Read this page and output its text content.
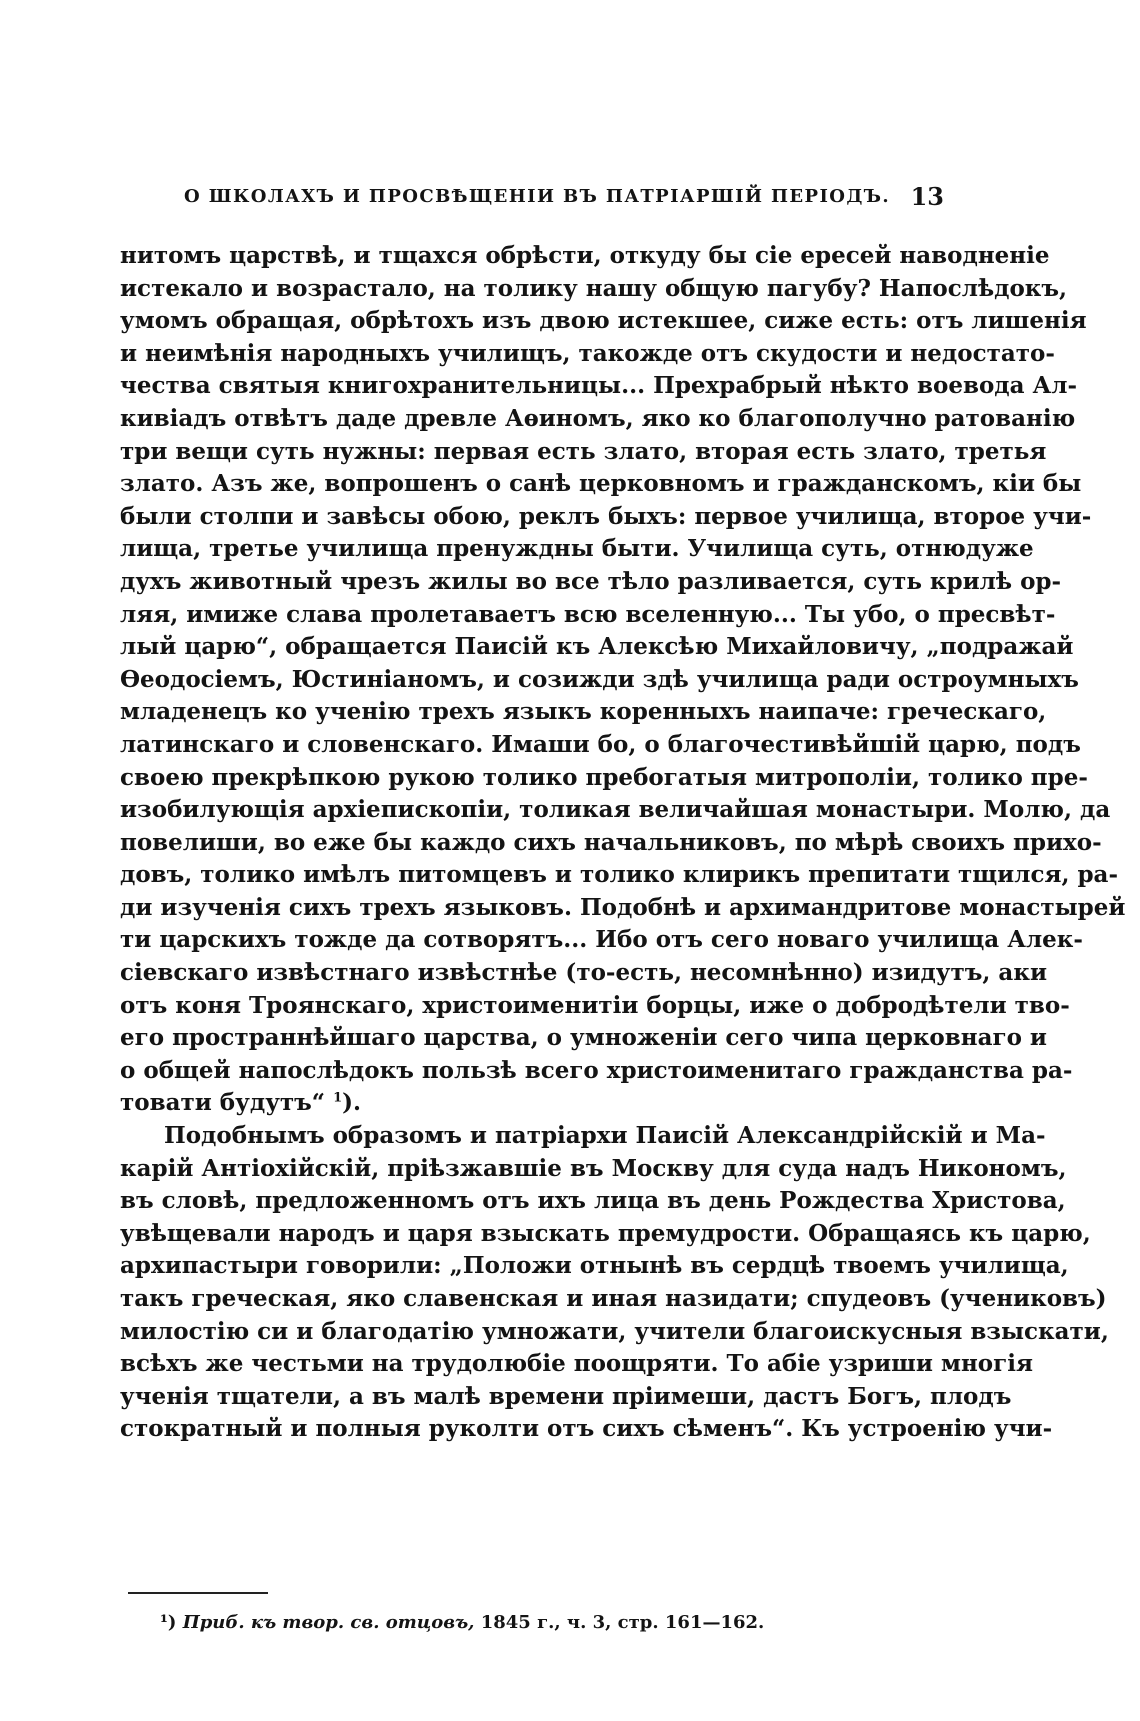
О ШКОЛАХЪ И ПРОСВѢЩЕНІИ ВЪ ПАТРІАРШІЙ ПЕРІОДЪ. 13
нитомъ царствѣ, и тщахся обрѣсти, откуду бы сіе ересей наводненіе
истекало и возрастало, на толику нашу общую пагубу? Напослѣдокъ,
умомъ обращая, обрѣтохъ изъ двою истекшее, сиже есть: отъ лишенія
и неимѣнія народныхъ училищъ, такожде отъ скудости и недостато-
чества святыя книгохранительницы... Прехрабрый нѣкто воевода Ал-
кивіадъ отвѣтъ даде древле Аѳиномъ, яко ко благополучно ратованію
три вещи суть нужны: первая есть злато, вторая есть злато, третья
злато. Азъ же, вопрошенъ о санѣ церковномъ и гражданскомъ, кіи бы
были столпи и завѣсы обою, реклъ быхъ: первое училища, второе учи-
лища, третье училища пренуждны быти. Училища суть, отнюдуже
духъ животный чрезъ жилы во все тѣло разливается, суть крилѣ ор-
ляя, имиже слава пролетаваетъ всю вселенную... Ты убо, о пресвѣт-
лый царю“, обращается Паисій къ Алексѣю Михайловичу, „подражай
Ѳеодосіемъ, Юстиніаномъ, и созижди здѣ училища ради остроумныхъ
младенецъ ко ученію трехъ языкъ коренныхъ наипаче: греческаго,
латинскаго и словенскаго. Имаши бо, о благочестивѣйшій царю, подъ
своею прекрѣпкою рукою толико пребогатыя митрополіи, толико пре-
изобилующія архіепископіи, толикая величайшая монастыри. Молю, да
повелиши, во еже бы каждо сихъ начальниковъ, по мѣрѣ своихъ прихо-
довъ, толико имѣлъ питомцевъ и толико клирикъ препитати тщился, ра-
ди изученія сихъ трехъ языковъ. Подобнѣ и архимандритове монастырей
ти царскихъ тожде да сотворятъ... Ибо отъ сего новаго училища Алек-
сіевскаго извѣстнаго извѣстнѣе (то-есть, несомнѣнно) изидутъ, аки
отъ коня Троянскаго, христоименитіи борцы, иже о добродѣтели тво-
его пространнѣйшаго царства, о умноженіи сего чипа церковнаго и
о общей напослѣдокъ пользѣ всего христоименитаго гражданства ра-
товати будутъ“ $^1$).
Подобнымъ образомъ и патріархи Паисій Александрійскій и Ма-
карій Антіохійскій, пріѣзжавшіе въ Москву для суда надъ Никономъ,
въ словѣ, предложенномъ отъ ихъ лица въ день Рождества Христова,
увѣщевали народъ и царя взыскать премудрости. Обращаясь къ царю,
архипастыри говорили: „Положи отнынѣ въ сердцѣ твоемъ училища,
такъ греческая, яко славенская и иная назидати; спудеовъ (учениковъ)
милостію си и благодатію умножати, учители благоискусныя взыскати,
всѣхъ же честьми на трудолюбіе поощряти. То абіе узриши многія
ученія тщатели, а въ малѣ времени пріимеши, дастъ Богъ, плодъ
стократный и полныя руколти отъ сихъ сѣменъ“. Къ устроенію учи-
¹) Приб. къ твор. св. отцовъ, 1845 г., ч. 3, стр. 161—162.
